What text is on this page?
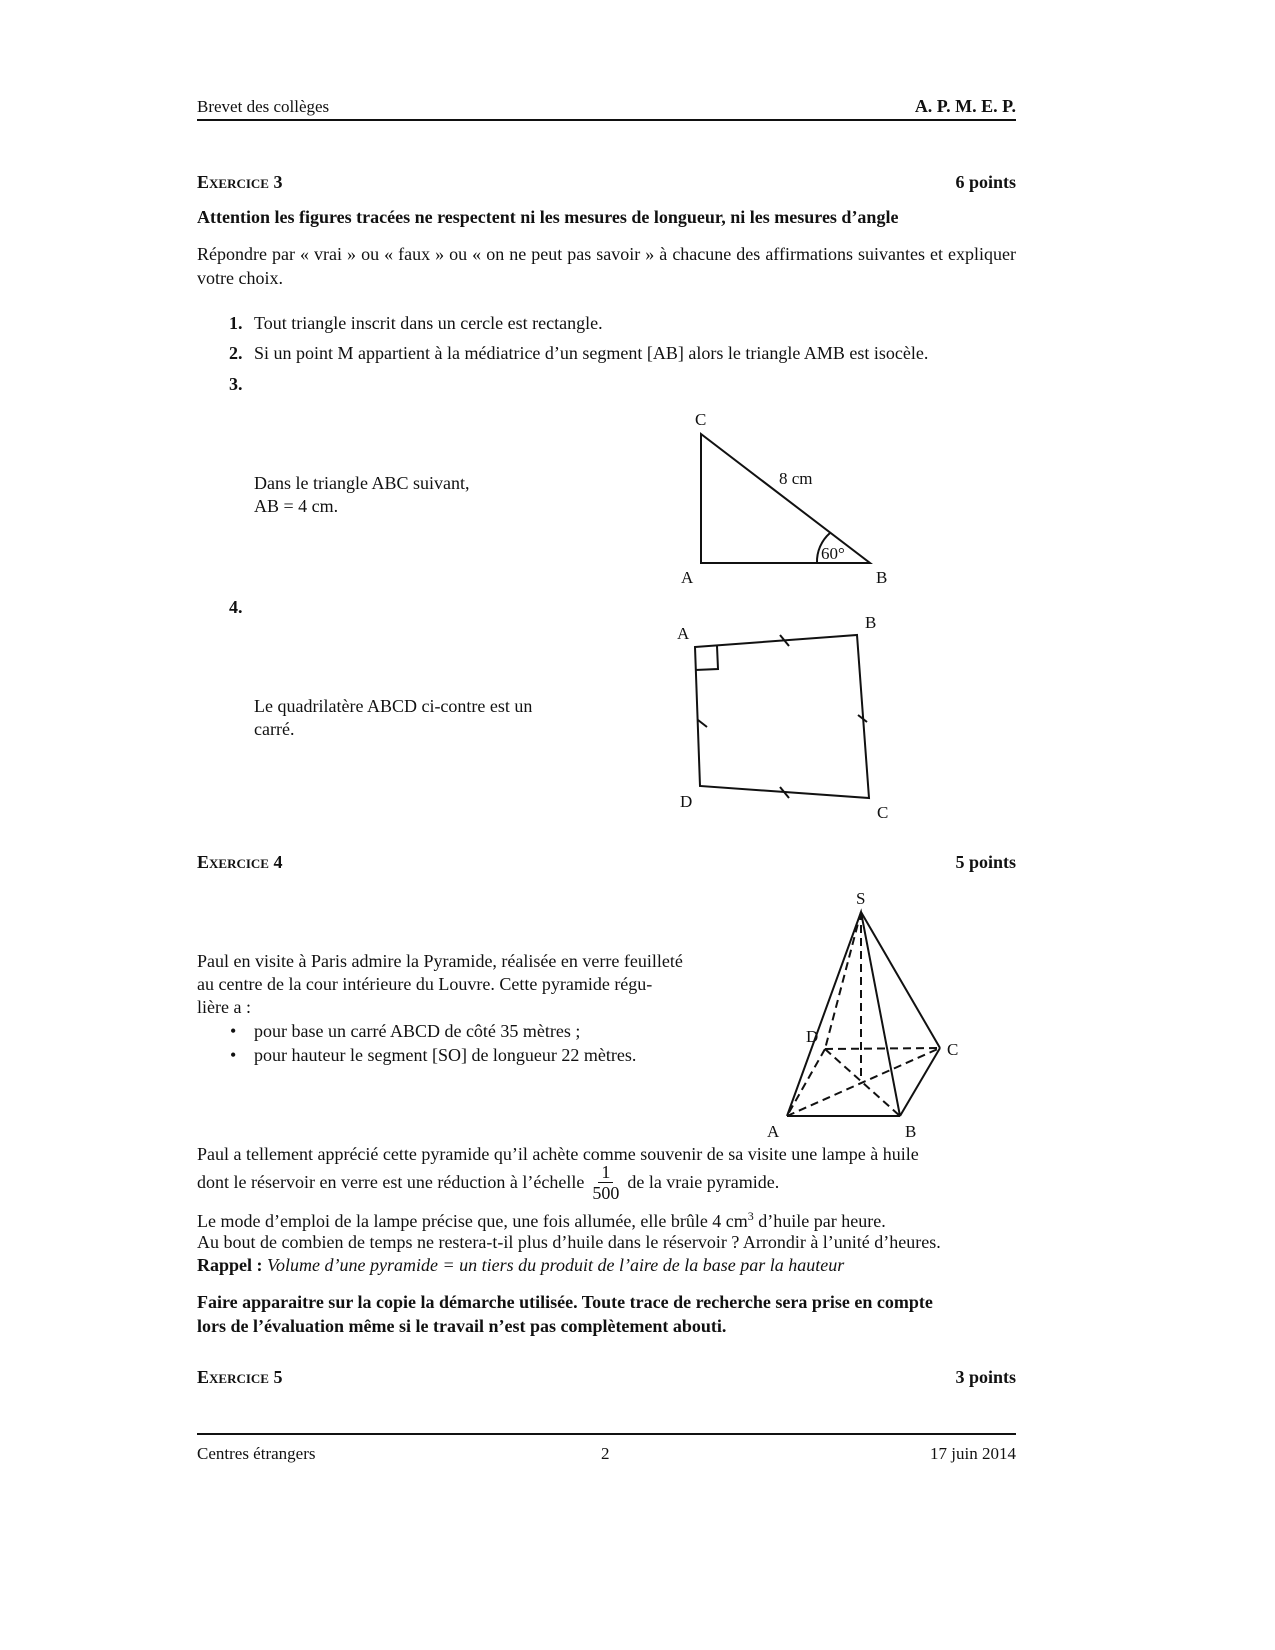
Brevet des collèges	A. P. M. E. P.
Exercice 3	6 points
Attention les figures tracées ne respectent ni les mesures de longueur, ni les mesures d’angle
Répondre par « vrai » ou « faux » ou « on ne peut pas savoir » à chacune des affirmations suivantes et expliquer votre choix.
1. Tout triangle inscrit dans un cercle est rectangle.
2. Si un point M appartient à la médiatrice d’un segment [AB] alors le triangle AMB est isocèle.
3.
Dans le triangle ABC suivant,
AB = 4 cm.
4.
Le quadrilatère ABCD ci-contre est un
carré.
C
A	B
8 cm
60°
A
B
C
D
S
D
C
A	B
Exercice 4	5 points
Paul en visite à Paris admire la Pyramide, réalisée en verre feuilleté
au centre de la cour intérieure du Louvre. Cette pyramide régu-
lière a :
• pour base un carré ABCD de côté 35 mètres ;
• pour hauteur le segment [SO] de longueur 22 mètres.
Paul a tellement apprécié cette pyramide qu’il achète comme souvenir de sa visite une lampe à huile
dont le réservoir en verre est une réduction à l’échelle $\frac{1}{500}$ de la vraie pyramide.
Le mode d’emploi de la lampe précise que, une fois allumée, elle brûle 4 $cm^3$ d’huile par heure.
Au bout de combien de temps ne restera-t-il plus d’huile dans le réservoir ? Arrondir à l’unité d’heures.
Rappel : Volume d’une pyramide = un tiers du produit de l’aire de la base par la hauteur
Faire apparaitre sur la copie la démarche utilisée. Toute trace de recherche sera prise en compte
lors de l’évaluation même si le travail n’est pas complètement abouti.
Exercice 5	3 points
Centres étrangers	2	17 juin 2014
